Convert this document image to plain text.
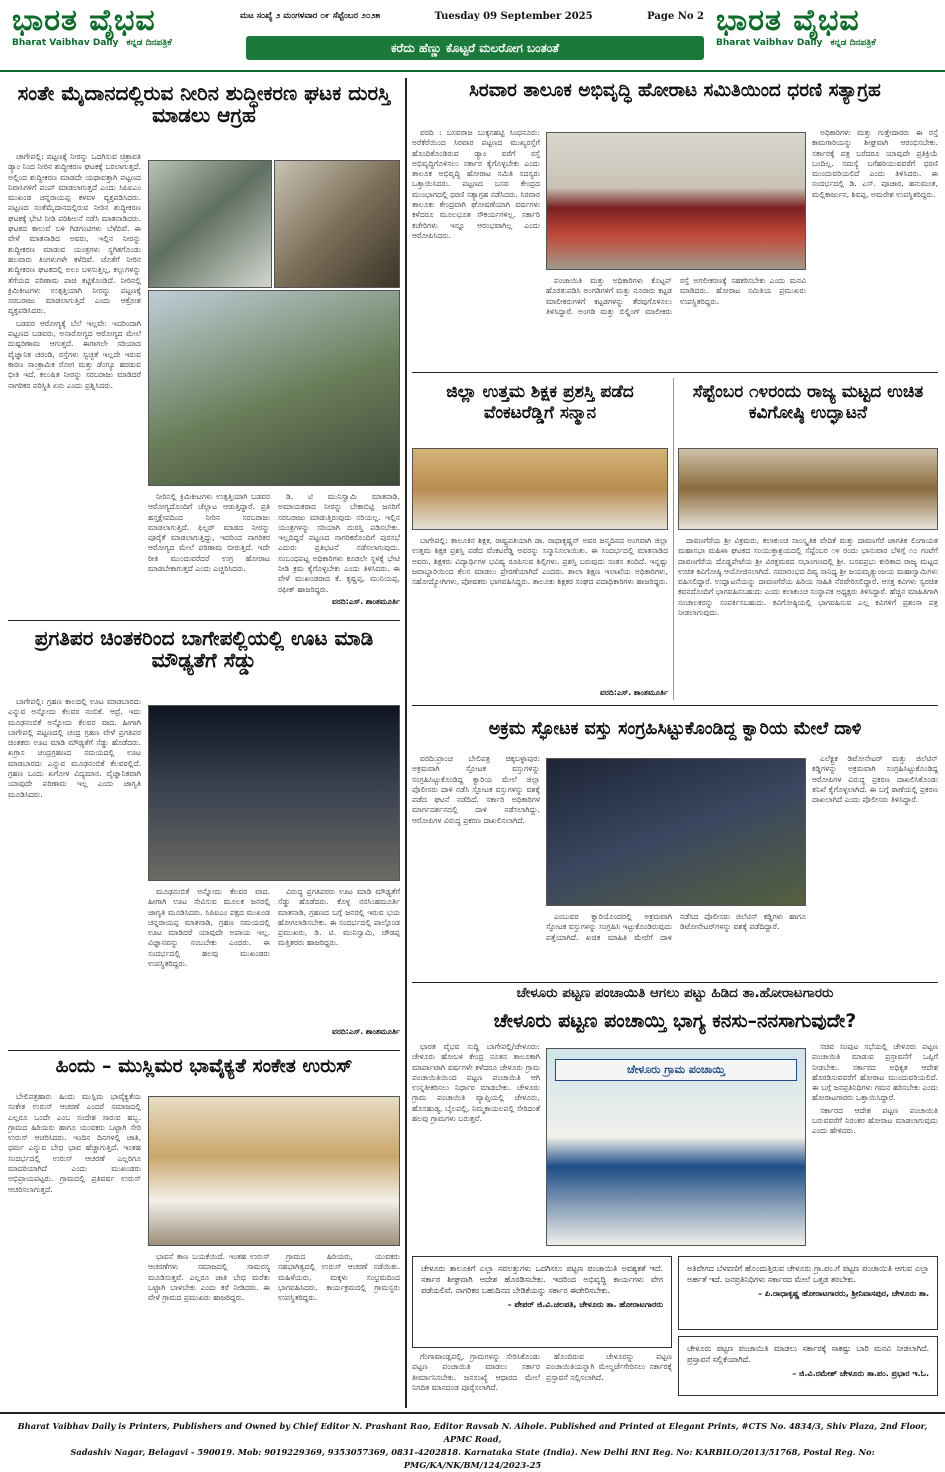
ಭಾರತ ವೈಭವ
Bharat Vaibhav Daily ಕನ್ನಡ ದಿನಪತ್ರಿಕೆ
ಮಟ ಸಂಖ್ಯೆ ೨ ಮಂಗಳವಾರ ೦೯ ಸೆಪ್ಟೆಂಬರ ೨೦೨೫	Tuesday 09 September 2025	Page No 2
ಕರೆದು ಹೆಣ್ಣು ಕೊಟ್ಟರೆ ಮಲರೋಗ ಬಂತಂತೆ
ಭಾರತ ವೈಭವ
Bharat Vaibhav Daily ಕನ್ನಡ ದಿನಪತ್ರಿಕೆ
ಸಂತೇ ಮೈದಾನದಲ್ಲಿರುವ ನೀರಿನ ಶುದ್ಧೀಕರಣ ಘಟಕ ದುರಸ್ತಿ ಮಾಡಲು ಆಗ್ರಹ

ಚಾಗೇಪಲ್ಲಿ: ಪಟ್ಟಣಕ್ಕೆ ನೀರನ್ನು ಒದಗಿಸುವ ಚಿತ್ರಾವತಿ ಡ್ಯಾಂ ನಿಂದ ನೀರಿನ ಶುದ್ಧೀಕರಣ ಘಟಕಕ್ಕೆ ಬರಲಾಗುತ್ತದೆ. ಅಲ್ಲಿಂದ ಶುದ್ಧೀಕರಣ ಮಾಡದೇ ಯಥಾವತ್ತಾಗಿ ಪಟ್ಟಣದ ನಿವಾಸಿಗಳಿಗೆ ಪಂಪ್ ಮಾಡಲಾಗುತ್ತದೆ ಎಂದು ಸಿಪಿಐಎಂ ಮುಖಂಡ ಚನ್ನರಾಯಪ್ಪ ಕಳವಳ ವ್ಯಕ್ತಪಡಿಸಿದರು. ಪಟ್ಟಣದ ಸಂತೆಮೈದಾನದಲ್ಲಿರುವ ನೀರಿನ ಶುದ್ಧೀಕರಣ ಘಟಕಕ್ಕೆ ಭೇಟಿ ನೀಡಿ ಪರಿಶೀಲನೆ ನಡೆಸಿ ಮಾತನಾಡಿದರು. ಘಟಕದ ಕಾಲುವೆ ಬಳಿ ಗಿಡಗಂಟಿಗಳು ಬೆಳೆದಿವೆ. ಈ ವೇಳೆ ಮಾತನಾಡಿದ ಅವರು, ಇಲ್ಲಿನ ನೀರನ್ನು ಶುದ್ಧೀಕರಣ ಮಾಡುವ ಯಂತ್ರಗಳು ಸ್ಥಗಿತಗೊಂಡು ಹಲವಾರು ತಿಂಗಳುಗಳೇ ಕಳೆದಿವೆ. ಜೊತೆಗೆ ನೀರಿನ ಶುದ್ಧೀಕರಣ ಘಟಕದಲ್ಲಿ ಅಲಂ ಬಳಸುತ್ತಿಲ್ಲ, ಕಲ್ಲುಗಳನ್ನು ತೆಗೆಯದ ಪರಿಣಾಮ ಪಾಚಿ ಕಟ್ಟಿಕೊಂಡಿದೆ. ನೀರಿನಲ್ಲಿ ಕ್ರಿಮಿಕೀಟಗಳು ಉತ್ಪತ್ತಿಯಾಗಿ ನೀರನ್ನು ಪಟ್ಟಣಕ್ಕೆ ಸರಬರಾಜು ಮಾಡಲಾಗುತ್ತಿದೆ ಎಂದು ಆಕ್ರೋಶ ವ್ಯಕ್ತಪಡಿಸಿದರು.

ಬಡವರ ಆರೋಗ್ಯಕ್ಕೆ ಬೆಲೆ ಇಲ್ಲವೇ: ಇದರಿಂದಾಗಿ ಪಟ್ಟಣದ ಬಡವರು, ಅನಾರೋಗ್ಯದ ಆರೋಗ್ಯದ ಮೇಲೆ ದುಷ್ಪರಿಣಾಮ ಆಗುತ್ತದೆ. ಈಗಾಗಲೇ ಸರಿಯಾದ ವೈಜ್ಞಾನಿಕ ಚರಂಡಿ, ರಸ್ತೆಗಳು ಸ್ವಚ್ಛತೆ ಇಲ್ಲದೇ ಇರುವ ಕಾರಣ ಸಾಂಕ್ರಾಮಿಕ ರೋಗ ಮತ್ತು ಡೆಂಗ್ಯೂ ಹರಡುವ ಭೀತಿ ಇದೆ. ಕಲುಷಿತ ನೀರನ್ನು ಸರಬರಾಜು ಮಾಡಿದರೆ ನಾಗರಿಕರ ಪರಿಸ್ಥಿತಿ ಏನು ಎಂದು ಪ್ರಶ್ನಿಸಿದರು.

ನೀರಿನಲ್ಲಿ ಕ್ರಿಮಿಕೀಟಗಳು ಉತ್ಪತ್ತಿಯಾಗಿ ಬಡವರ ಆರೋಗ್ಯದೊಂದಿಗೆ ಚೆಲ್ಲಾಟ ಆಡುತ್ತಿದ್ದಾರೆ. ಪ್ರತಿ ಹಸ್ತಕ್ಷೇಪದಿಂದ ನೀರಿನ ಸರಬರಾಜು ಮಾಡಲಾಗುತ್ತಿದೆ. ಫಿಲ್ಟರ್ ಮಾಡದ ನೀರನ್ನು ಪೂರೈಕೆ ಮಾಡಲಾಗುತ್ತಿದ್ದು, ಇದರಿಂದ ನಾಗರಿಕರ ಆರೋಗ್ಯದ ಮೇಲೆ ಪರಿಣಾಮ ಬೀರುತ್ತಿದೆ. ಇದೇ ರೀತಿ ಮುಂದುವರೆದರೆ ಉಗ್ರ ಹೋರಾಟ ಮಾಡಬೇಕಾಗುತ್ತದೆ ಎಂದು ಎಚ್ಚರಿಸಿದರು.

ಡಿ. ಟಿ ಮುನಿಸ್ವಾಮಿ ಮಾತನಾಡಿ, ಅಮಾಯಕರಾದ ನೀರನ್ನು ಬೇಕಾಬಿಟ್ಟಿ ಜನರಿಗೆ ಸರಬರಾಜು ಮಾಡುತ್ತಿರುವುದು ಸರಿಯಲ್ಲ. ಇಲ್ಲಿನ ಯಂತ್ರಗಳನ್ನು ಸರಿಯಾಗಿ ದುರಸ್ತಿ ಪಡಿಸಬೇಕು. ಇಲ್ಲದಿದ್ದರೆ ಪಟ್ಟಣದ ನಾಗರಿಕರೊಂದಿಗೆ ಪುರಸಭೆ ಎದುರು ಪ್ರತಿಭಟನೆ ನಡೆಸಲಾಗುವುದು. ಸಂಬಂಧಪಟ್ಟ ಅಧಿಕಾರಿಗಳು ಕೂಡಲೇ ಸ್ಥಳಕ್ಕೆ ಭೇಟಿ ನೀಡಿ ಕ್ರಮ ಕೈಗೊಳ್ಳಬೇಕು ಎಂದು ತಿಳಿಸಿದರು. ಈ ವೇಳೆ ಮುಖಂಡರಾದ ಕೆ. ಕೃಷ್ಣಪ್ಪ, ಮುನಿಯಪ್ಪ, ರಫೀಕ್ ಹಾಜರಿದ್ದರು.

ವರದಿ:ಎಸ್. ಶಾಂತಮೂರ್ತಿ
ಪ್ರಗತಿಪರ ಚಿಂತಕರಿಂದ ಬಾಗೇಪಲ್ಲಿಯಲ್ಲಿ ಊಟ ಮಾಡಿ ಮೌಢ್ಯತೆಗೆ ಸೆಡ್ಡು

ಬಾಗೇಪಲ್ಲಿ: ಗ್ರಹಣ ಕಾಲದಲ್ಲಿ ಊಟ ಮಾಡಬಾರದು ಎನ್ನುವ ಅನ್ನೋದು ಕೆಲವರ ನಂಬಿಕೆ. ಆದ್ರೆ, ಇದು ಮೂಢನಂಬಿಕೆ ಅನ್ನೋದು ಕೆಲವರ ವಾದ. ಹೀಗಾಗಿ ಬಾಗೇಪಲ್ಲಿ ಪಟ್ಟಣದಲ್ಲಿ ಚಂದ್ರ ಗ್ರಹಣ ವೇಳೆ ಪ್ರಗತಿಪರ ಚಿಂತಕರು ಊಟ ಮಾಡಿ ಮೌಢ್ಯತೆಗೆ ಸೆಡ್ಡು ಹೊಡೆದರು. ಖಗ್ರಾಸ ಚಂದ್ರಗ್ರಹಣದ ಸಮಯದಲ್ಲಿ ಊಟ ಮಾಡಬಾರದು ಎನ್ನುವ ಮೂಢನಂಬಿಕೆ ಕೆಲವರಲ್ಲಿದೆ. ಗ್ರಹಣ ಒಂದು ಖಗೋಳ ವಿದ್ಯಮಾನ. ವೈಜ್ಞಾನಿಕವಾಗಿ ಯಾವುದೇ ಪರಿಣಾಮ ಇಲ್ಲ ಎಂದು ಜಾಗೃತಿ ಮೂಡಿಸಿದರು.

ಮೂಢನಂಬಿಕೆ ಅನ್ನೋದು ಕೆಲವರ ವಾದ. ಹೀಗಾಗಿ ಊಟ ಸೇವಿಸುವ ಮೂಲಕ ಜನರಲ್ಲಿ ಜಾಗೃತಿ ಮೂಡಿಸಿದರು. ಸಿಪಿಐಎಂ ಪಕ್ಷದ ಮುಖಂಡ ಚನ್ನರಾಯಪ್ಪ ಮಾತನಾಡಿ, ಗ್ರಹಣ ಸಮಯದಲ್ಲಿ ಊಟ ಮಾಡಿದರೆ ಯಾವುದೇ ಅಪಾಯ ಇಲ್ಲ. ವಿಜ್ಞಾನವನ್ನು ನಂಬಬೇಕು ಎಂದರು. ಈ ಸಂದರ್ಭದಲ್ಲಿ ಹಲವು ಮುಖಂಡರು ಉಪಸ್ಥಿತರಿದ್ದರು.

ವಿರುದ್ಧ ಪ್ರಗತಿಪರರು ಊಟ ಮಾಡಿ ಮೌಢ್ಯತೆಗೆ ಸೆಡ್ಡು ಹೊಡೆದರು. ಕೊಳ್ಳ ನರಸಿಂಹಮೂರ್ತಿ ಮಾತನಾಡಿ, ಗ್ರಹಣದ ಬಗ್ಗೆ ಜನರಲ್ಲಿ ಇರುವ ಭಯ ಹೋಗಲಾಡಿಸಬೇಕು. ಈ ಸಂದರ್ಭದಲ್ಲಿ ಪಾಲ್ಗೊಂಡ ಪ್ರಮುಖರು, ಡಿ. ಟಿ. ಮುನಿಸ್ವಾಮಿ, ಚೌಡಪ್ಪ ಮತ್ತಿತರರು ಹಾಜರಿದ್ದರು.

ವರದಿ:ಎಸ್. ಶಾಂತಮೂರ್ತಿ
ಹಿಂದು – ಮುಸ್ಲಿಮರ ಭಾವೈಕ್ಯತೆ ಸಂಕೇತ ಉರುಸ್

ಬೇಲಿಪತ್ರಹಾರ: ಹಿಂದು ಮುಸ್ಲಿಮ ಭಾವೈಕ್ಯತೆಯ ಸಂಕೇತ ಉರುಸ್ ಆಚರಣೆ ಎಂದರೆ ಸಮಾಜದಲ್ಲಿ ಎಲ್ಲರೂ ಒಂದೇ ಎಂಬ ಸಂದೇಶ ಸಾರುವ ಹಬ್ಬ. ಗ್ರಾಮದ ಹಿರಿಯರು ಹಾಗೂ ಯುವಕರು ಒಟ್ಟಾಗಿ ಸೇರಿ ಉರುಸ್ ಆಚರಿಸಿದರು. ಇಂದಿನ ದಿನಗಳಲ್ಲಿ ಜಾತಿ, ಧರ್ಮ ಎನ್ನುವ ಬೇಧ ಭಾವ ಹೆಚ್ಚಾಗುತ್ತಿದೆ. ಇಂತಹ ಸಂದರ್ಭದಲ್ಲಿ ಉರುಸ್ ಆಚರಣೆ ಎಲ್ಲರಿಗೂ ಮಾದರಿಯಾಗಿದೆ ಎಂದು ಮುಖಂಡರು ಅಭಿಪ್ರಾಯಪಟ್ಟರು. ಗ್ರಾಮದಲ್ಲಿ ಪ್ರತಿವರ್ಷ ಉರುಸ್ ಆಚರಿಸಲಾಗುತ್ತದೆ.

ಭಾವನೆ ಕಾಣ ಬಯಕೆಯಿದೆ. ಇಂತಹ ಉರುಸ್ ಆಚರಣೆಗಳು ಸಮಾಜದಲ್ಲಿ ಸಾಮರಸ್ಯ ಮೂಡಿಸುತ್ತವೆ. ಎಲ್ಲರೂ ಜಾತಿ ಬೇಧ ಮರೆತು ಒಟ್ಟಾಗಿ ಬಾಳಬೇಕು ಎಂದು ಕರೆ ನೀಡಿದರು. ಈ ವೇಳೆ ಗ್ರಾಮದ ಪ್ರಮುಖರು ಹಾಜರಿದ್ದರು.

ಗ್ರಾಮದ ಹಿರಿಯರು, ಯುವಕರು ಸಹಭಾಗಿತ್ವದಲ್ಲಿ ಉರುಸ್ ಆಚರಣೆ ನಡೆಯಿತು. ಮಹಿಳೆಯರು, ಮಕ್ಕಳು ಸಂಭ್ರಮದಿಂದ ಭಾಗವಹಿಸಿದರು. ಕಾರ್ಯಕ್ರಮದಲ್ಲಿ ಗ್ರಾಮಸ್ಥರು ಉಪಸ್ಥಿತರಿದ್ದರು.

ಸಿರವಾರ ತಾಲೂಕ ಅಭಿವೃದ್ಧಿ ಹೋರಾಟ ಸಮಿತಿಯಿಂದ ಧರಣಿ ಸತ್ಯಾಗ್ರಹ

ವರದಿ : ಬಸವರಾಜ ಬುಕ್ಕನಹಟ್ಟಿ ಸಿಂಧನೂರು: ಅರೆಕೆರೆಯಿಂದ ಸಿರವಾರ ಪಟ್ಟಣದ ಮುಖ್ಯರಸ್ತೆಗೆ ಹೊಂದಿಕೊಂಡಿರುವ ಡ್ಯಾಂ ವರೆಗೆ ರಸ್ತೆ ಅಭಿವೃದ್ಧಿಗೊಳಿಸಲು ಸರ್ಕಾರ ಕೈಗೊಳ್ಳಬೇಕು ಎಂದು ತಾಲೂಕ ಅಭಿವೃದ್ಧಿ ಹೋರಾಟ ಸಮಿತಿ ಸದಸ್ಯರು ಒತ್ತಾಯಿಸಿದರು. ಪಟ್ಟಣದ ಬಸವ ಕೇಂದ್ರದ ಮುಂಭಾಗದಲ್ಲಿ ಧರಣಿ ಸತ್ಯಾಗ್ರಹ ನಡೆಸಿದರು. ಸಿರವಾರ ತಾಲೂಕು ಕೇಂದ್ರವಾಗಿ ಘೋಷಣೆಯಾಗಿ ವರ್ಷಗಳು ಕಳೆದರೂ ಮೂಲಭೂತ ಸೌಕರ್ಯಗಳಿಲ್ಲ. ಸರ್ಕಾರಿ ಕಚೇರಿಗಳು ಇನ್ನೂ ಆರಂಭವಾಗಿಲ್ಲ ಎಂದು ಆರೋಪಿಸಿದರು.

ಪಂಚಾಯಿತಿ ಮತ್ತು ಅಧಿಕಾರಿಗಳು ಕೊಟ್ಟನ್ ಹೊರತುಪಡಿಸಿ ಅಂಗಡಿಗಳಿಗೆ ಮತ್ತು ನೂರಾರು ಕಟ್ಟಡ ಮಾಲೀಕರುಗಳಿಗೆ ಕಟ್ಟಡಗಳನ್ನು ತೆರವುಗೊಳಿಸಲು ತಿಳಿಸಿದ್ದಾರೆ. ಅಂಗಡಿ ಮತ್ತು ಬಿಲ್ಡಿಂಗ್ ಮಾಲೀಕರು ರಸ್ತೆ ಅಗಲೀಕರಣಕ್ಕೆ ಸಹಕರಿಸಬೇಕು ಎಂದು ಮನವಿ ಮಾಡಿದರು. ಹೋರಾಟ ಸಮಿತಿಯ ಪ್ರಮುಖರು ಉಪಸ್ಥಿತರಿದ್ದರು.

ಅಧಿಕಾರಿಗಳು ಮತ್ತು ಗುತ್ತೇದಾರರು ಈ ರಸ್ತೆ ಕಾಮಗಾರಿಯನ್ನು ಶೀಘ್ರವಾಗಿ ಆರಂಭಿಸಬೇಕು. ಸರ್ಕಾರಕ್ಕೆ ಪತ್ರ ಬರೆದರೂ ಯಾವುದೇ ಪ್ರತಿಕ್ರಿಯೆ ಬಂದಿಲ್ಲ. ಸಮಸ್ಯೆ ಬಗೆಹರಿಯುವವರೆಗೆ ಧರಣಿ ಮುಂದುವರಿಯಲಿದೆ ಎಂದು ತಿಳಿಸಿದರು. ಈ ಸಂದರ್ಭದಲ್ಲಿ ಡಿ. ಎಸ್. ಪೂಜಾರ, ಹನುಮಂತ, ಮಲ್ಲಿಕಾರ್ಜುನ, ಶಿವಪ್ಪ, ಅಮರೇಶ ಉಪಸ್ಥಿತರಿದ್ದರು.

ಜಿಲ್ಲಾ ಉತ್ತಮ ಶಿಕ್ಷಕ ಪ್ರಶಸ್ತಿ ಪಡೆದ ವೆಂಕಟರೆಡ್ಡಿಗೆ ಸನ್ಮಾನ

ಬಾಗೇಪಲ್ಲಿ: ತಾಲೂಕಿನ ಶಿಕ್ಷಕ, ರಾಷ್ಟ್ರಪತಿಯಾಗಿ ಡಾ. ರಾಧಾಕೃಷ್ಣನ್ ಅವರ ಜನ್ಮದಿನದ ಅಂಗವಾಗಿ ಜಿಲ್ಲಾ ಉತ್ತಮ ಶಿಕ್ಷಕ ಪ್ರಶಸ್ತಿ ಪಡೆದ ವೆಂಕಟರೆಡ್ಡಿ ಅವರನ್ನು ಸನ್ಮಾನಿಸಲಾಯಿತು. ಈ ಸಂದರ್ಭದಲ್ಲಿ ಮಾತನಾಡಿದ ಅವರು, ಶಿಕ್ಷಕರು ವಿದ್ಯಾರ್ಥಿಗಳ ಭವಿಷ್ಯ ರೂಪಿಸುವ ಶಿಲ್ಪಿಗಳು. ಪ್ರಶಸ್ತಿ ಬರುವುದು ಸಂತಸ ತಂದಿದೆ. ಇನ್ನಷ್ಟು ಜವಾಬ್ದಾರಿಯಿಂದ ಕೆಲಸ ಮಾಡಲು ಪ್ರೇರಣೆಯಾಗಿದೆ ಎಂದರು. ಶಾಲಾ ಶಿಕ್ಷಣ ಇಲಾಖೆಯ ಅಧಿಕಾರಿಗಳು, ಸಹೋದ್ಯೋಗಿಗಳು, ಪೋಷಕರು ಭಾಗವಹಿಸಿದ್ದರು. ತಾಲೂಕು ಶಿಕ್ಷಕರ ಸಂಘದ ಪದಾಧಿಕಾರಿಗಳು ಹಾಜರಿದ್ದರು.

ವರದಿ:ಎಸ್. ಶಾಂತಮೂರ್ತಿ
ಸೆಪ್ಟೆಂಬರ ೧೪ರಂದು ರಾಜ್ಯ ಮಟ್ಟದ ಉಚಿತ ಕವಿಗೋಷ್ಠಿ ಉದ್ಘಾಟನೆ

ದಾವಣಗೆರೆಯ ಶ್ರೀ ವಿಕ್ರಮರು, ಕಲಾಕುಂಚ ಸಾಂಸ್ಕೃತಿಕ ವೇದಿಕೆ ಮತ್ತು ದಾವಣಗೆರೆ ಜಾಗತಿಕ ಲಿಂಗಾಯತ ಮಹಾಸಭಾ ಮಹಿಳಾ ಘಟಕದ ಸಂಯುಕ್ತಾಶ್ರಯದಲ್ಲಿ ಸೆಪ್ಟೆಂಬರ ೧೪ ರಂದು ಭಾನುವಾರ ಬೆಳಿಗ್ಗೆ ೧೦ ಗಂಟೆಗೆ ದಾವಣಗೆರೆಯ ದೊಡ್ಡಪೇಟೆಯ ಶ್ರೀ ವಿರಕ್ತಮಠದ ಸಭಾಂಗಣದಲ್ಲಿ ಶ್ರೀ. ಬಸವಪ್ರಭು ಕುರಿತಾದ ರಾಜ್ಯ ಮಟ್ಟದ ಉಚಿತ ಕವಿಗೋಷ್ಠಿ ಆಯೋಜಿಸಲಾಗಿದೆ. ಸಮಾರಂಭದ ದಿವ್ಯ ಸಾನಿಧ್ಯ ಶ್ರೀ ಜಯಮೃತ್ಯುಂಜಯ ಮಹಾಸ್ವಾಮಿಗಳು ವಹಿಸಲಿದ್ದಾರೆ. ಉದ್ಘಾಟನೆಯನ್ನು ದಾವಣಗೆರೆಯ ಹಿರಿಯ ಸಾಹಿತಿ ನೆರವೇರಿಸಲಿದ್ದಾರೆ. ಆಸಕ್ತ ಕವಿಗಳು ಸ್ವರಚಿತ ಕವನದೊಂದಿಗೆ ಭಾಗವಹಿಸಬಹುದು ಎಂದು ಕಲಾಕುಂಚ ಸಂಸ್ಥಾಪಕ ಅಧ್ಯಕ್ಷರು ತಿಳಿಸಿದ್ದಾರೆ. ಹೆಚ್ಚಿನ ಮಾಹಿತಿಗಾಗಿ ಸಂಚಾಲಕರನ್ನು ಸಂಪರ್ಕಿಸಬಹುದು. ಕವಿಗೋಷ್ಠಿಯಲ್ಲಿ ಭಾಗವಹಿಸುವ ಎಲ್ಲ ಕವಿಗಳಿಗೆ ಪ್ರಶಂಸಾ ಪತ್ರ ನೀಡಲಾಗುವುದು.

ಅಕ್ರಮ ಸ್ಫೋಟಕ ವಸ್ತು ಸಂಗ್ರಹಿಸಿಟ್ಟುಕೊಂಡಿದ್ದ ಕ್ವಾರಿಯ ಮೇಲೆ ದಾಳಿ

ವರದಿ:ಪ್ರಾಂಚ ಬೇಲಿಪತ್ರ ಚಿಕ್ಕಬಳ್ಳಾಪುರ: ಅಕ್ರಮವಾಗಿ ಸ್ಫೋಟಕ ವಸ್ತುಗಳನ್ನು ಸಂಗ್ರಹಿಸಿಟ್ಟುಕೊಂಡಿದ್ದ ಕ್ವಾರಿಯ ಮೇಲೆ ಜಿಲ್ಲಾ ಪೊಲೀಸರು ದಾಳಿ ನಡೆಸಿ ಸ್ಫೋಟಕ ವಸ್ತುಗಳನ್ನು ವಶಕ್ಕೆ ಪಡೆದ ಘಟನೆ ನಡೆದಿದೆ. ಸರ್ಕಾರಿ ಅಧಿಕಾರಿಗಳ ಮಾರ್ಗದರ್ಶನದಲ್ಲಿ ದಾಳಿ ನಡೆಸಲಾಗಿದ್ದು, ಆರೋಪಿಗಳ ವಿರುದ್ಧ ಪ್ರಕರಣ ದಾಖಲಿಸಲಾಗಿದೆ.

ಎಂಬುವರ ಕ್ವಾರಿಯೊಂದರಲ್ಲಿ ಅಕ್ರಮವಾಗಿ ಸ್ಫೋಟಕ ವಸ್ತುಗಳನ್ನು ಸಂಗ್ರಹಿಸಿ ಇಟ್ಟುಕೊಂಡಿರುವುದು ಪತ್ತೆಯಾಗಿದೆ. ಖಚಿತ ಮಾಹಿತಿ ಮೇರೆಗೆ ದಾಳಿ ನಡೆಸಿದ ಪೊಲೀಸರು ಜಿಲೆಟಿನ್ ಕಡ್ಡಿಗಳು ಹಾಗೂ ಡಿಟೋನೇಟರ್‌ಗಳನ್ನು ವಶಕ್ಕೆ ಪಡೆದಿದ್ದಾರೆ.

ಎಲೆಕ್ಟ್ರಿಕ ಡಿಟೋನೇಟರ್ ಮತ್ತು ಜಿಲೆಟಿನ್ ಕಡ್ಡಿಗಳನ್ನು ಅಕ್ರಮವಾಗಿ ಸಂಗ್ರಹಿಸಿಟ್ಟುಕೊಂಡಿದ್ದ ಆರೋಪಿಗಳ ವಿರುದ್ಧ ಪ್ರಕರಣ ದಾಖಲಿಸಿಕೊಂಡು ತನಿಖೆ ಕೈಗೊಳ್ಳಲಾಗಿದೆ. ಈ ಬಗ್ಗೆ ಠಾಣೆಯಲ್ಲಿ ಪ್ರಕರಣ ದಾಖಲಾಗಿದೆ ಎಂದು ಪೊಲೀಸರು ತಿಳಿಸಿದ್ದಾರೆ.

ಚೇಳೂರು ಪಟ್ಟಣ ಪಂಚಾಯಿತಿ ಆಗಲು ಪಟ್ಟು ಹಿಡಿದ ತಾ.ಹೋರಾಟಗಾರರು
ಚೇಳೂರು ಪಟ್ಟಣ ಪಂಚಾಯ್ತಿ ಭಾಗ್ಯ ಕನಸು–ನನಸಾಗುವುದೇ?

ಭಾರತ ವೈಭವ ಸುದ್ದಿ ಬಾಗೇಪಲ್ಲಿ/ಚೇಳೂರು: ಚೇಳೂರು ಹೋಬಳಿ ಕೇಂದ್ರ ನೂತನ ತಾಲೂಕಾಗಿ ಮಾರ್ಪಾಟಾಗಿ ವರ್ಷಗಳೇ ಕಳೆದರೂ ಚೇಳೂರು ಗ್ರಾಮ ಪಂಚಾಯಿತಿಯಿಂದ ಪಟ್ಟಣ ಪಂಚಾಯಿತಿ ಆಗಿ ಉನ್ನತೀಕರಿಸಲು ನಿರ್ಧಾರ ಮಾಡಬೇಕು. ಚೇಳೂರು ಗ್ರಾಮ ಪಂಚಾಯಿತಿ ವ್ಯಾಪ್ತಿಯಲ್ಲಿ ಚೇಳೂರು, ಹೊಸಹುಡ್ಯ, ಬೈಲಪಲ್ಲಿ, ನಿಮ್ಮಕಾಯಲಪಲ್ಲಿ ಸೇರಿದಂತೆ ಹಲವು ಗ್ರಾಮಗಳು ಬರುತ್ತವೆ.

ಚೇಳೂರು ಗ್ರಾಮ ಪಂಚಾಯ್ತಿ

ಸಚಿವ ಸಂಪುಟ ಸಭೆಯಲ್ಲಿ ಚೇಳೂರು ಪಟ್ಟಣ ಪಂಚಾಯಿತಿ ಮಾಡುವ ಪ್ರಸ್ತಾವನೆಗೆ ಒಪ್ಪಿಗೆ ನೀಡಬೇಕು. ಸರ್ಕಾರದ ಅಧಿಕೃತ ಆದೇಶ ಹೊರಡಿಸುವವರೆಗೆ ಹೋರಾಟ ಮುಂದುವರಿಯಲಿದೆ. ಈ ಬಗ್ಗೆ ಜನಪ್ರತಿನಿಧಿಗಳು ಗಮನ ಹರಿಸಬೇಕು ಎಂದು ಹೋರಾಟಗಾರರು ಒತ್ತಾಯಿಸಿದ್ದಾರೆ.

ಸರ್ಕಾರದ ಆದೇಶ ಪಟ್ಟಣ ಪಂಚಾಯಿತಿ ಬರುವವರೆಗೆ ನಿರಂತರ ಹೋರಾಟ ಮಾಡಲಾಗುವುದು ಎಂದು ಹೇಳಿದರು.

ಚೇಳೂರು ತಾಲೂಕಿಗೆ ಎಲ್ಲಾ ಸವಲತ್ತುಗಳು ಒದಗಿಸಲು ಪಟ್ಟಣ ಪಂಚಾಯಿತಿ ಅವಶ್ಯಕತೆ ಇದೆ. ಸರ್ಕಾರ ಶೀಘ್ರವಾಗಿ ಆದೇಶ ಹೊರಡಿಸಬೇಕು. ಇದರಿಂದ ಅಭಿವೃದ್ಧಿ ಕಾರ್ಯಗಳು ವೇಗ ಪಡೆಯಲಿವೆ. ನಾಗರಿಕರ ಬಹುದಿನದ ಬೇಡಿಕೆಯನ್ನು ಸರ್ಕಾರ ಈಡೇರಿಸಬೇಕು.
– ಪೇಪರ್ ಜಿ.ವಿ.ಚಲಪತಿ, ಚೇಳೂರು ತಾ. ಹೋರಾಟಗಾರರು
ಅತಿವೇಗದ ಬೆಳವಣಿಗೆ ಹೊಂದುತ್ತಿರುವ ಚೇಳೂರು ಗ್ರಾ.ಪಂ.ಗೆ ಪಟ್ಟಣ ಪಂಚಾಯಿತಿ ಆಗುವ ಎಲ್ಲಾ ಅರ್ಹತೆ ಇದೆ. ಜನಪ್ರತಿನಿಧಿಗಳು ಸರ್ಕಾರದ ಮೇಲೆ ಒತ್ತಡ ತರಬೇಕು.
– ಪಿ.ರಾಧಾಕೃಷ್ಣ ಹೋರಾಟಗಾರರು, ಶ್ರೀನಿವಾಸಪುರ, ಚೇಳೂರು ತಾ.
ಚೇಳೂರು ಪಟ್ಟಣ ಪಂಚಾಯಿತಿ ಮಾಡಲು ಸರ್ಕಾರಕ್ಕೆ ಸಾಕಷ್ಟು ಬಾರಿ ಮನವಿ ನೀಡಲಾಗಿದೆ. ಪ್ರಸ್ತಾವನೆ ಸಲ್ಲಿಕೆಯಾಗಿದೆ.
– ಜಿ.ವಿ.ರಮೇಶ್ ಚೇಳೂರು ತಾ.ಪಂ. ಪ್ರಭಾರ ಇ.ಓ.

ಗೆಂಗಾವಾಂಡ್ಲಪಲ್ಲಿ, ಗ್ರಾಮಗಳನ್ನು ಸೇರಿಸಿಕೊಂಡು ಪಟ್ಟಣ ಪಂಚಾಯಿತಿ ಮಾಡಲು ಸರ್ಕಾರ ತೀರ್ಮಾನಿಸಬೇಕು. ಜನಸಂಖ್ಯೆ ಆಧಾರದ ಮೇಲೆ ನಿಗದಿತ ಮಾನದಂಡ ಪೂರೈಸಲಾಗಿದೆ.

ಹೊಂದಿರುವ ಚೇಳೂರನ್ನು ಪಟ್ಟಣ ಪಂಚಾಯಿತಿಯನ್ನಾಗಿ ಮೇಲ್ದರ್ಜೆಗೇರಿಸಲು ಸರ್ಕಾರಕ್ಕೆ ಪ್ರಸ್ತಾವನೆ ಸಲ್ಲಿಸಲಾಗಿದೆ.

Bharat Vaibhav Daily is Printers, Publishers and Owned by Chief Editor N. Prashant Rao, Editor Ravsab N. Aihole. Published and Printed at Elegant Prints, #CTS No. 4834/3, Shiv Plaza, 2nd Floor, APMC Road,
Sadashiv Nagar, Belagavi - 590019. Mob: 9019229369, 9353057369, 0831-4202818. Karnataka State (India). New Delhi RNI Reg. No: KARBILO/2013/51768, Postal Reg. No: PMG/KA/NK/BM/124/2023-25
